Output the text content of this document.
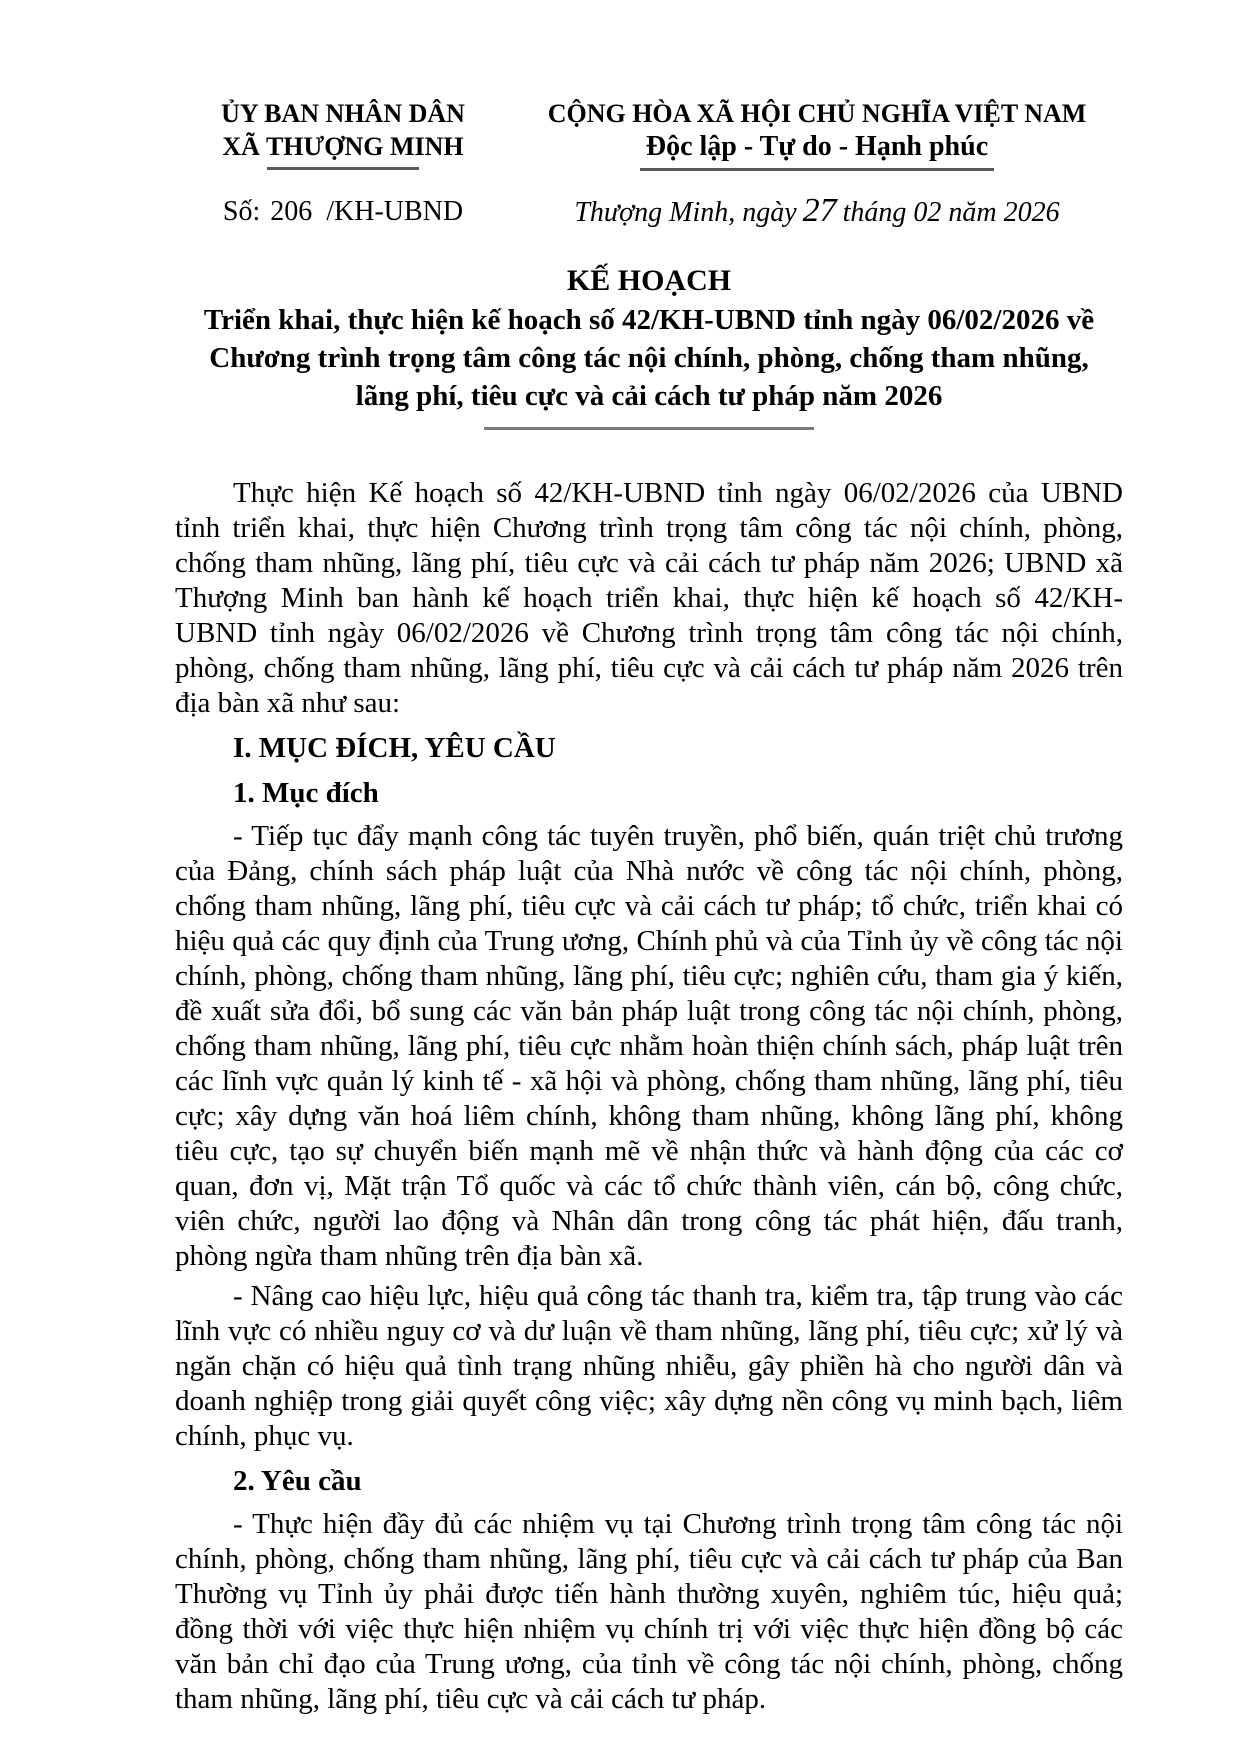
ỦY BAN NHÂN DÂN
XÃ THƯỢNG MINH
Số: 206 /KH-UBND
CỘNG HÒA XÃ HỘI CHỦ NGHĨA VIỆT NAM
Độc lập - Tự do - Hạnh phúc
Thượng Minh, ngày 27 tháng 02 năm 2026
KẾ HOẠCH
Triển khai, thực hiện kế hoạch số 42/KH-UBND tỉnh ngày 06/02/2026 về
Chương trình trọng tâm công tác nội chính, phòng, chống tham nhũng,
lãng phí, tiêu cực và cải cách tư pháp năm 2026

Thực hiện Kế hoạch số 42/KH-UBND tỉnh ngày 06/02/2026 của UBND tỉnh triển khai, thực hiện Chương trình trọng tâm công tác nội chính, phòng, chống tham nhũng, lãng phí, tiêu cực và cải cách tư pháp năm 2026; UBND xã Thượng Minh ban hành kế hoạch triển khai, thực hiện kế hoạch số 42/KH-UBND tỉnh ngày 06/02/2026 về Chương trình trọng tâm công tác nội chính, phòng, chống tham nhũng, lãng phí, tiêu cực và cải cách tư pháp năm 2026 trên địa bàn xã như sau:

I. MỤC ĐÍCH, YÊU CẦU

1. Mục đích

- Tiếp tục đẩy mạnh công tác tuyên truyền, phổ biến, quán triệt chủ trương của Đảng, chính sách pháp luật của Nhà nước về công tác nội chính, phòng, chống tham nhũng, lãng phí, tiêu cực và cải cách tư pháp; tổ chức, triển khai có hiệu quả các quy định của Trung ương, Chính phủ và của Tỉnh ủy về công tác nội chính, phòng, chống tham nhũng, lãng phí, tiêu cực; nghiên cứu, tham gia ý kiến, đề xuất sửa đổi, bổ sung các văn bản pháp luật trong công tác nội chính, phòng, chống tham nhũng, lãng phí, tiêu cực nhằm hoàn thiện chính sách, pháp luật trên các lĩnh vực quản lý kinh tế - xã hội và phòng, chống tham nhũng, lãng phí, tiêu cực; xây dựng văn hoá liêm chính, không tham nhũng, không lãng phí, không tiêu cực, tạo sự chuyển biến mạnh mẽ về nhận thức và hành động của các cơ quan, đơn vị, Mặt trận Tổ quốc và các tổ chức thành viên, cán bộ, công chức, viên chức, người lao động và Nhân dân trong công tác phát hiện, đấu tranh, phòng ngừa tham nhũng trên địa bàn xã.

- Nâng cao hiệu lực, hiệu quả công tác thanh tra, kiểm tra, tập trung vào các lĩnh vực có nhiều nguy cơ và dư luận về tham nhũng, lãng phí, tiêu cực; xử lý và ngăn chặn có hiệu quả tình trạng nhũng nhiễu, gây phiền hà cho người dân và doanh nghiệp trong giải quyết công việc; xây dựng nền công vụ minh bạch, liêm chính, phục vụ.

2. Yêu cầu

- Thực hiện đầy đủ các nhiệm vụ tại Chương trình trọng tâm công tác nội chính, phòng, chống tham nhũng, lãng phí, tiêu cực và cải cách tư pháp của Ban Thường vụ Tỉnh ủy phải được tiến hành thường xuyên, nghiêm túc, hiệu quả; đồng thời với việc thực hiện nhiệm vụ chính trị với việc thực hiện đồng bộ các văn bản chỉ đạo của Trung ương, của tỉnh về công tác nội chính, phòng, chống tham nhũng, lãng phí, tiêu cực và cải cách tư pháp.
